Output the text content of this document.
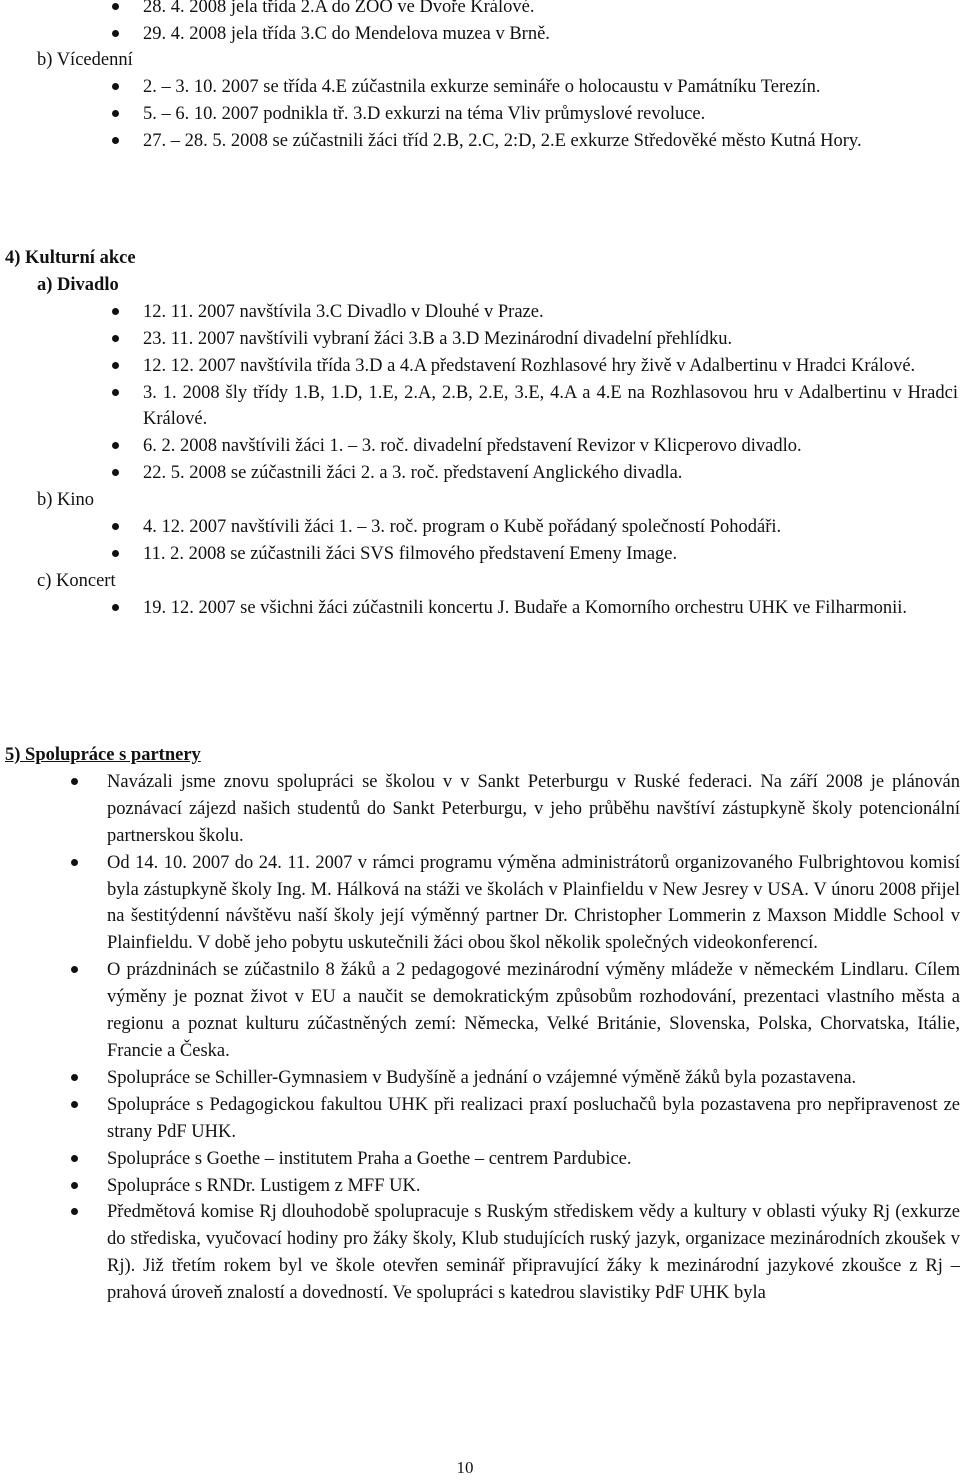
28. 4. 2008 jela třída 2.A do ZOO ve Dvoře Králové.
29. 4. 2008 jela třída 3.C do Mendelova muzea v Brně.
b) Vícedenní
2. – 3. 10. 2007 se třída 4.E zúčastnila exkurze semináře o holocaustu v Památníku Terezín.
5. – 6. 10. 2007 podnikla tř. 3.D exkurzi na téma Vliv průmyslové revoluce.
27. – 28. 5. 2008 se zúčastnili žáci tříd 2.B, 2.C, 2:D, 2.E exkurze Středověké město Kutná Hory.
4) Kulturní akce
a) Divadlo
12. 11. 2007 navštívila 3.C Divadlo v Dlouhé v Praze.
23. 11. 2007 navštívili vybraní žáci 3.B a 3.D Mezinárodní divadelní přehlídku.
12. 12. 2007 navštívila třída 3.D a 4.A představení Rozhlasové hry živě v Adalbertinu v Hradci Králové.
3. 1. 2008 šly třídy 1.B, 1.D, 1.E, 2.A, 2.B, 2.E, 3.E, 4.A a 4.E na Rozhlasovou hru v Adalbertinu v Hradci Králové.
6. 2. 2008 navštívili žáci 1. – 3. roč. divadelní představení Revizor v Klicperovo divadlo.
22. 5. 2008 se zúčastnili žáci 2. a 3. roč. představení Anglického divadla.
b) Kino
4. 12. 2007 navštívili žáci 1. – 3. roč. program o Kubě pořádaný společností Pohodáři.
11. 2. 2008 se zúčastnili žáci SVS filmového představení Emeny Image.
c) Koncert
19. 12. 2007 se všichni žáci zúčastnili koncertu J. Budaře a Komorního orchestru UHK ve Filharmonii.
5) Spolupráce s partnery
Navázali jsme znovu spolupráci se školou v v Sankt Peterburgu v Ruské federaci. Na září 2008 je plánován poznávací zájezd našich studentů do Sankt Peterburgu, v jeho průběhu navštíví zástupkyně školy potencionální partnerskou školu.
Od 14. 10. 2007 do 24. 11. 2007 v rámci programu výměna administrátorů organizovaného Fulbrightovou komisí byla zástupkyně školy Ing. M. Hálková na stáži ve školách v Plainfieldu v New Jesrey v USA. V únoru 2008 přijel na šestitýdenní návštěvu naší školy její výměnný partner Dr. Christopher Lommerin z Maxson Middle School v Plainfieldu. V době jeho pobytu uskutečnili žáci obou škol několik společných videokonferencí.
O prázdninách se zúčastnilo 8 žáků a 2 pedagogové mezinárodní výměny mládeže v německém Lindlaru. Cílem výměny je poznat život v EU a naučit se demokratickým způsobům rozhodování, prezentaci vlastního města a regionu a poznat kulturu zúčastněných zemí: Německa, Velké Británie, Slovenska, Polska, Chorvatska, Itálie, Francie a Česka.
Spolupráce se Schiller-Gymnasiem v Budyšíně a jednání o vzájemné výměně žáků byla pozastavena.
Spolupráce s Pedagogickou fakultou UHK při realizaci praxí posluchačů byla pozastavena pro nepřipravenost ze strany PdF UHK.
Spolupráce s Goethe – institutem Praha a Goethe – centrem Pardubice.
Spolupráce s RNDr. Lustigem z MFF UK.
Předmětová komise Rj dlouhodobě spolupracuje s Ruským střediskem vědy a kultury v oblasti výuky Rj (exkurze do střediska, vyučovací hodiny pro žáky školy, Klub studujících ruský jazyk, organizace mezinárodních zkoušek v Rj). Již třetím rokem byl ve škole otevřen seminář připravující žáky k mezinárodní jazykové zkoušce z Rj – prahová úroveň znalostí a dovedností. Ve spolupráci s katedrou slavistiky PdF UHK byla
10
